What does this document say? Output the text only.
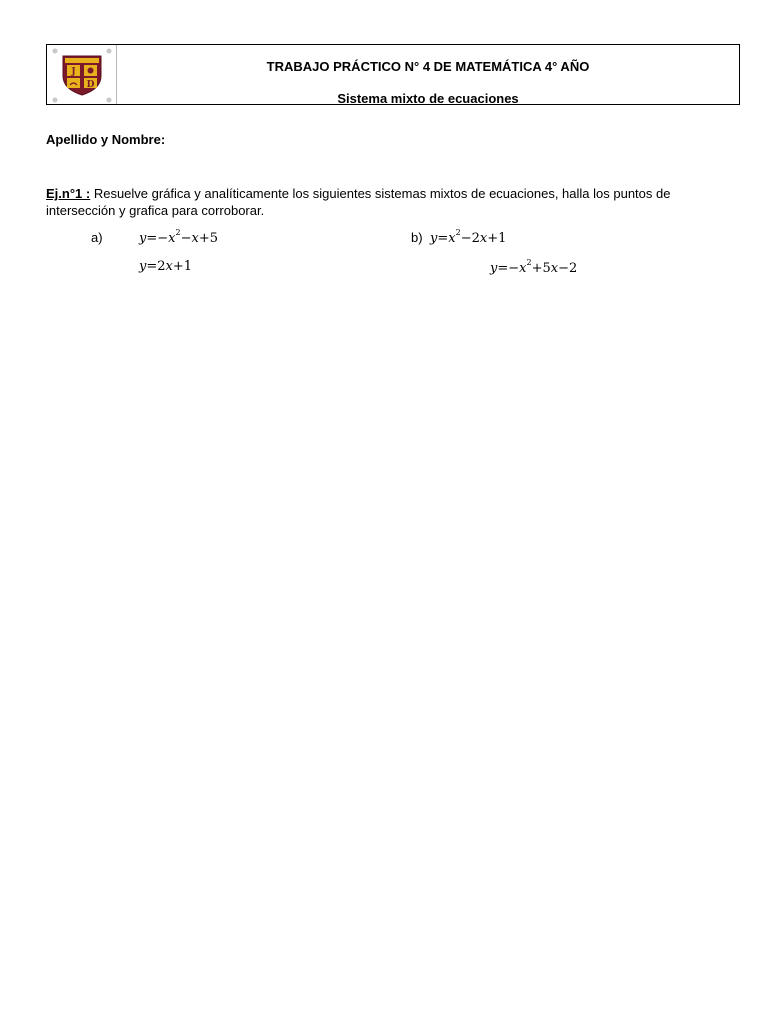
J
D
TRABAJO PRÁCTICO N° 4 DE MATEMÁTICA 4° AÑO
Sistema mixto de ecuaciones
Apellido y Nombre:
Ej.n°1 : Resuelve gráfica y analíticamente los siguientes sistemas mixtos de ecuaciones, halla los puntos de intersección y grafica para corroborar.
a)	$y=-x^2-x+5$
y=2x+1
b) $y=x^2-2x+1$
$y=-x^2+5x-2$
